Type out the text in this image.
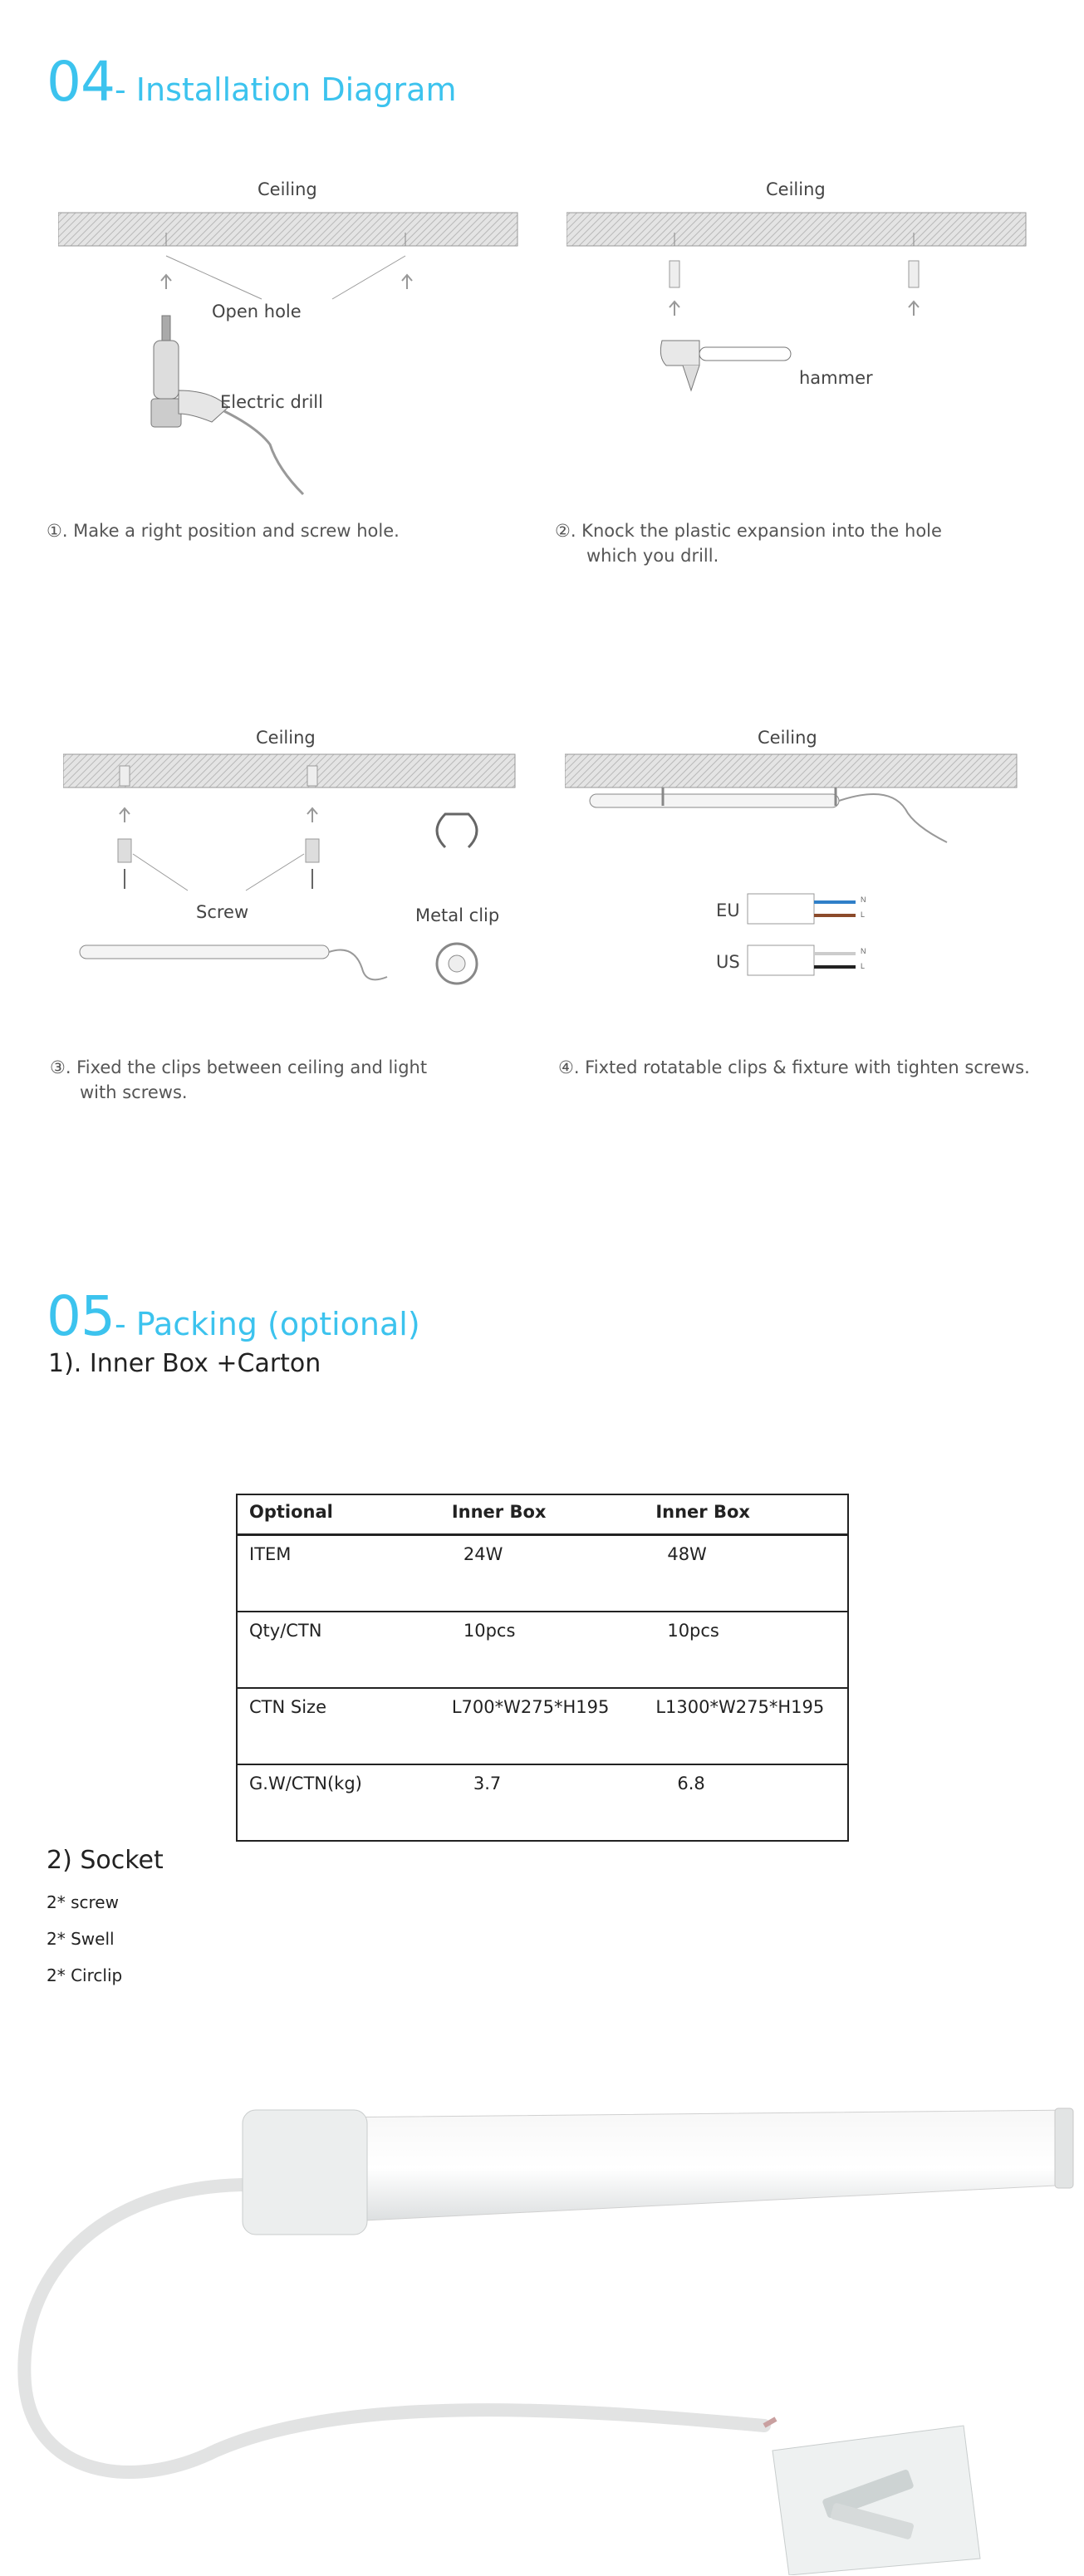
04 - Installation Diagram
Ceiling
Open hole
Electric drill
①. Make a right position and screw hole.
Ceiling
hammer
②. Knock the plastic expansion into the hole
which you drill.
Ceiling
Screw	Metal clip
③. Fixed the clips between ceiling and light
with screws.
Ceiling
EU
US
N
L
N
L
④. Fixted rotatable clips & fixture with tighten screws.
05 - Packing (optional)
1). Inner Box +Carton
Optional	Inner Box	Inner Box
ITEM	24W	48W
Qty/CTN	10pcs	10pcs
CTN Size	L700*W275*H195	L1300*W275*H195
G.W/CTN(kg)	3.7	6.8
2) Socket
2* screw
2* Swell
2* Circlip
